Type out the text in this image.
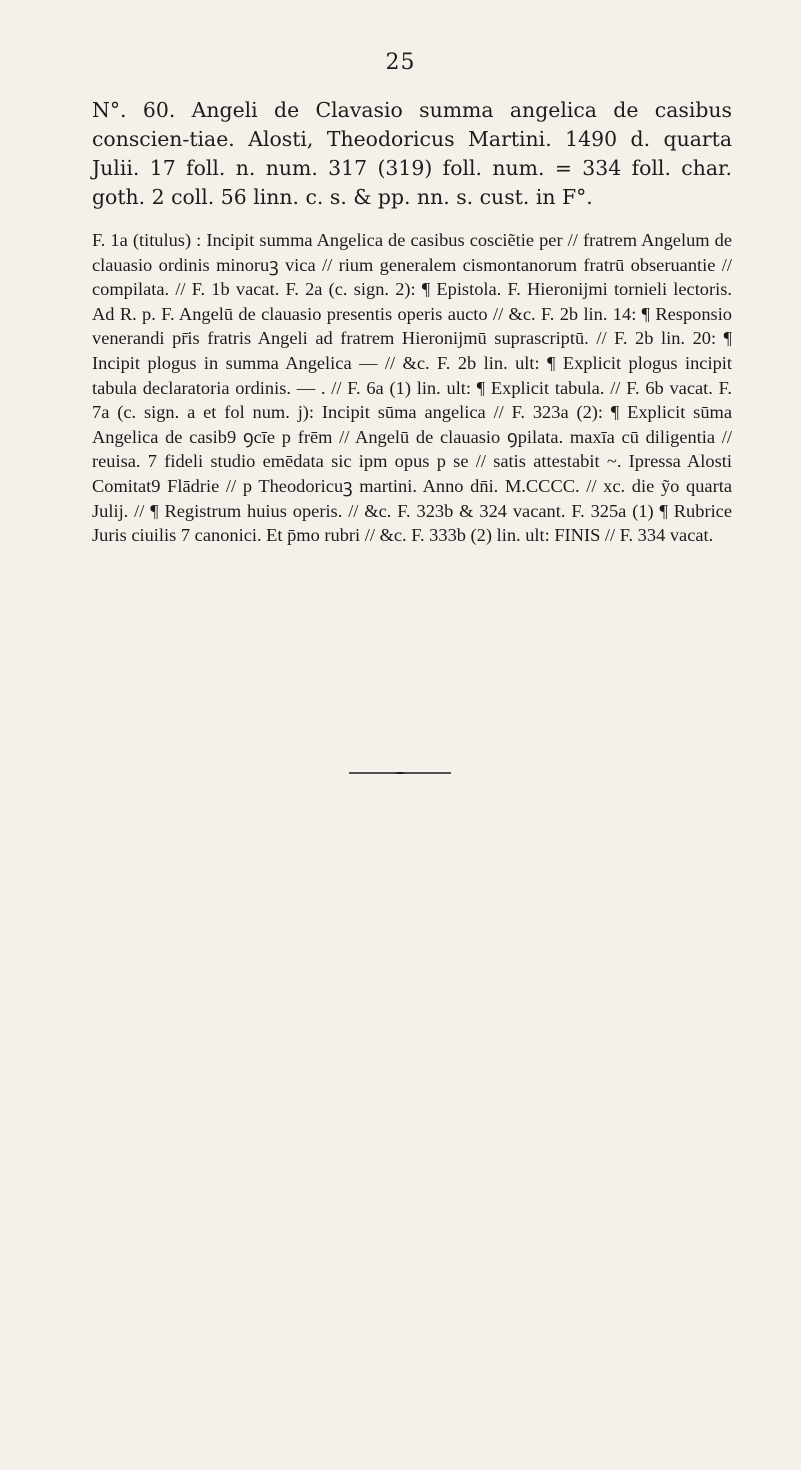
25

N°. 60. Angeli de Clavasio summa angelica de casibus conscien-tiae. Alosti, Theodoricus Martini. 1490 d. quarta Julii. 17 foll. n. num. 317 (319) foll. num. = 334 foll. char. goth. 2 coll. 56 linn. c. s. & pp. nn. s. cust. in F°.

F. 1a (titulus) : Incipit summa Angelica de casibus cosciẽtie per // fratrem Angelum de clauasio ordinis minoruꝫ vica // rium generalem cismontanorum fratrū obseruantie // compilata. // F. 1b vacat. F. 2a (c. sign. 2): ¶ Epistola. F. Hieronijmi tornieli lectoris. Ad R. p. F. Angelū de clauasio presentis operis aucto // &c. F. 2b lin. 14: ¶ Responsio venerandi pr̄is fratris Angeli ad fratrem Hieronijmū suprascriptū. // F. 2b lin. 20: ¶ Incipit plogus in summa Angelica — // &c. F. 2b lin. ult: ¶ Explicit plogus incipit tabula declaratoria ordinis. — . // F. 6a (1) lin. ult: ¶ Explicit tabula. // F. 6b vacat. F. 7a (c. sign. a et fol num. j): Incipit sūma angelica // F. 323a (2): ¶ Explicit sūma Angelica de casib9 ꝯcīe p frēm // Angelū de clauasio ꝯpilata. maxīa cū diligentia // reuisa. 7 fideli studio emēdata sic ipm opus p se // satis attestabit ~. Ipressa Alosti Comitat9 Flādrie // p Theodoricuꝫ martini. Anno dn̄i. M.CCCC. // xc. die ỹo quarta Julij. // ¶ Registrum huius operis. // &c. F. 323b & 324 vacant. F. 325a (1) ¶ Rubrice Juris ciuilis 7 canonici. Et p̄mo rubri // &c. F. 333b (2) lin. ult: FINIS // F. 334 vacat.
